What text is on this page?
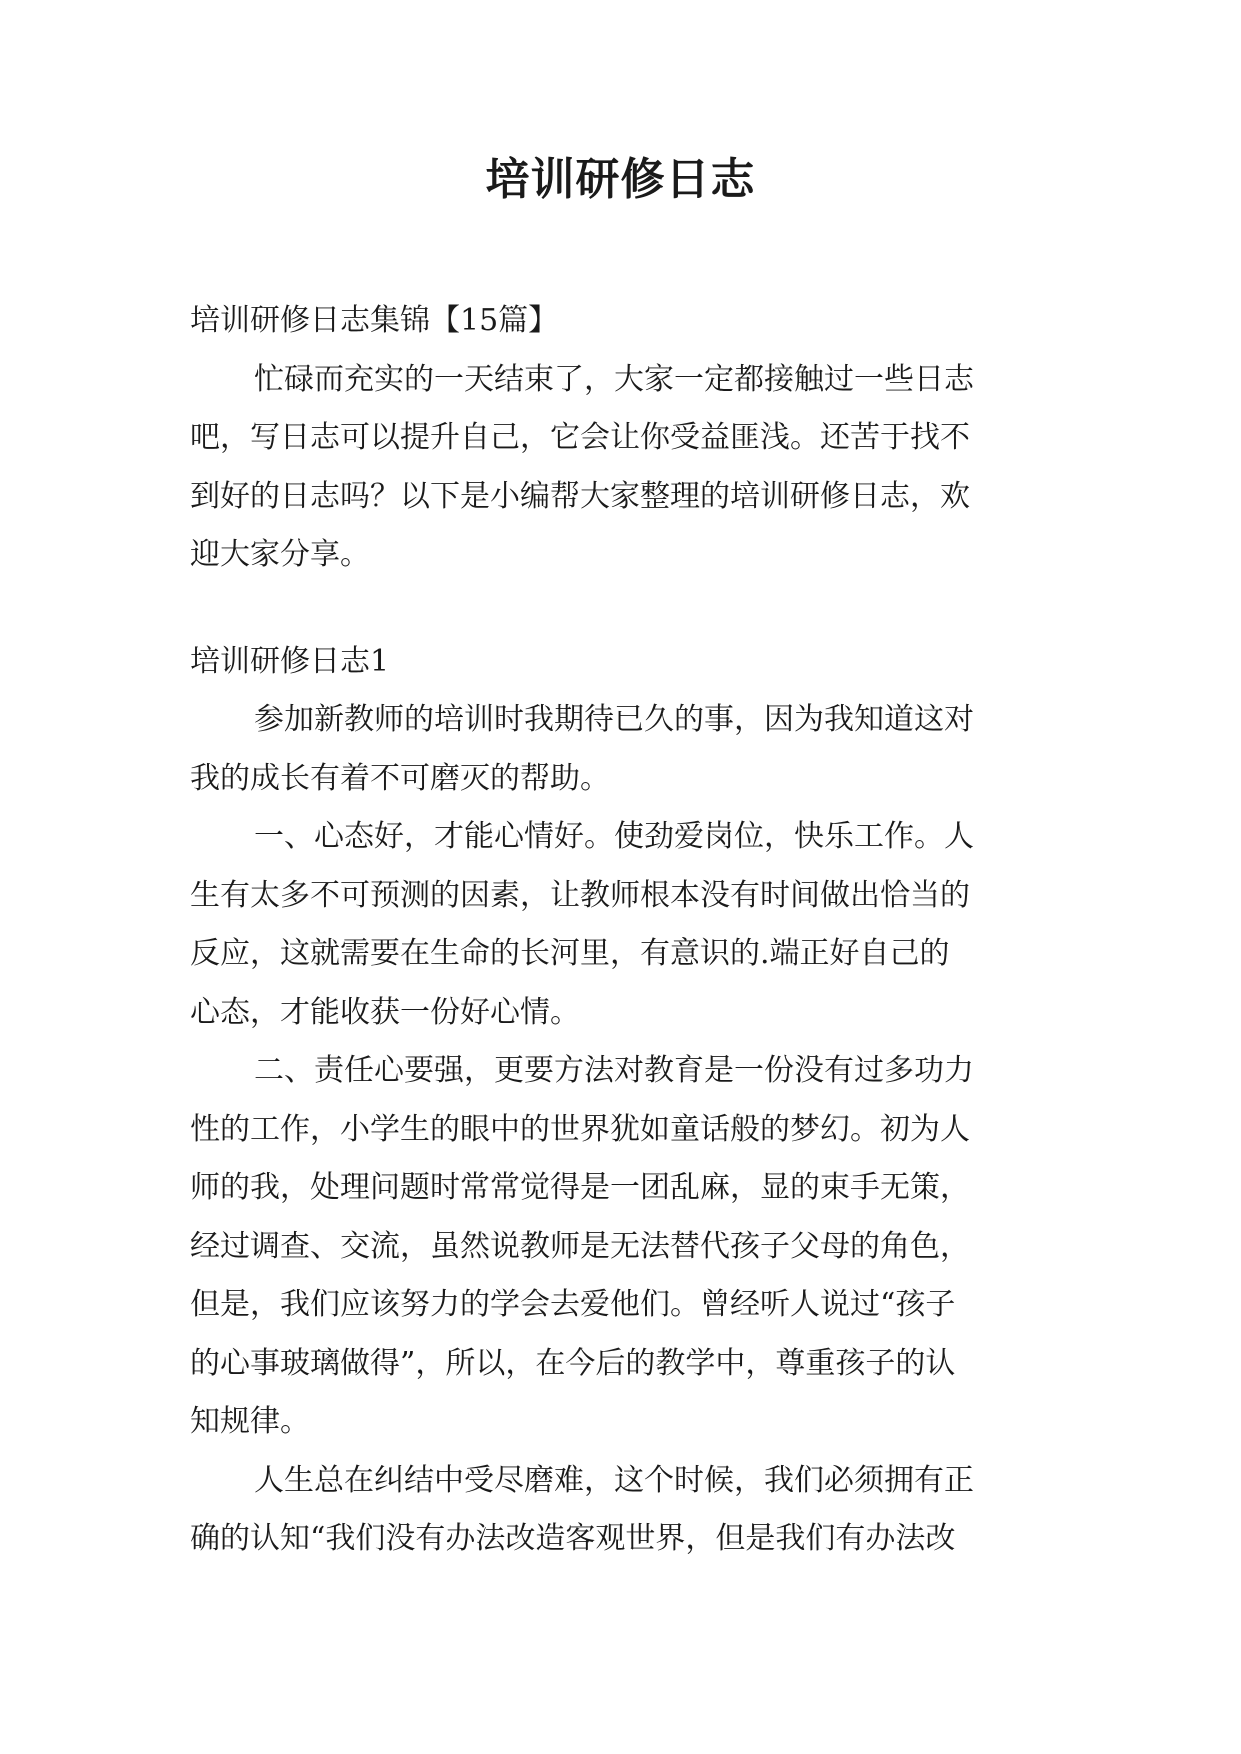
培训研修日志
培训研修日志集锦【15篇】
忙碌而充实的一天结束了，大家一定都接触过一些日志
吧，写日志可以提升自己，它会让你受益匪浅。还苦于找不
到好的日志吗？以下是小编帮大家整理的培训研修日志，欢
迎大家分享。
培训研修日志1
参加新教师的培训时我期待已久的事，因为我知道这对
我的成长有着不可磨灭的帮助。
一、心态好，才能心情好。使劲爱岗位，快乐工作。人
生有太多不可预测的因素，让教师根本没有时间做出恰当的
反应，这就需要在生命的长河里，有意识的.端正好自己的
心态，才能收获一份好心情。
二、责任心要强，更要方法对教育是一份没有过多功力
性的工作，小学生的眼中的世界犹如童话般的梦幻。初为人
师的我，处理问题时常常觉得是一团乱麻，显的束手无策，
经过调查、交流，虽然说教师是无法替代孩子父母的角色，
但是，我们应该努力的学会去爱他们。曾经听人说过“孩子
的心事玻璃做得”，所以，在今后的教学中，尊重孩子的认
知规律。
人生总在纠结中受尽磨难，这个时候，我们必须拥有正
确的认知“我们没有办法改造客观世界，但是我们有办法改
